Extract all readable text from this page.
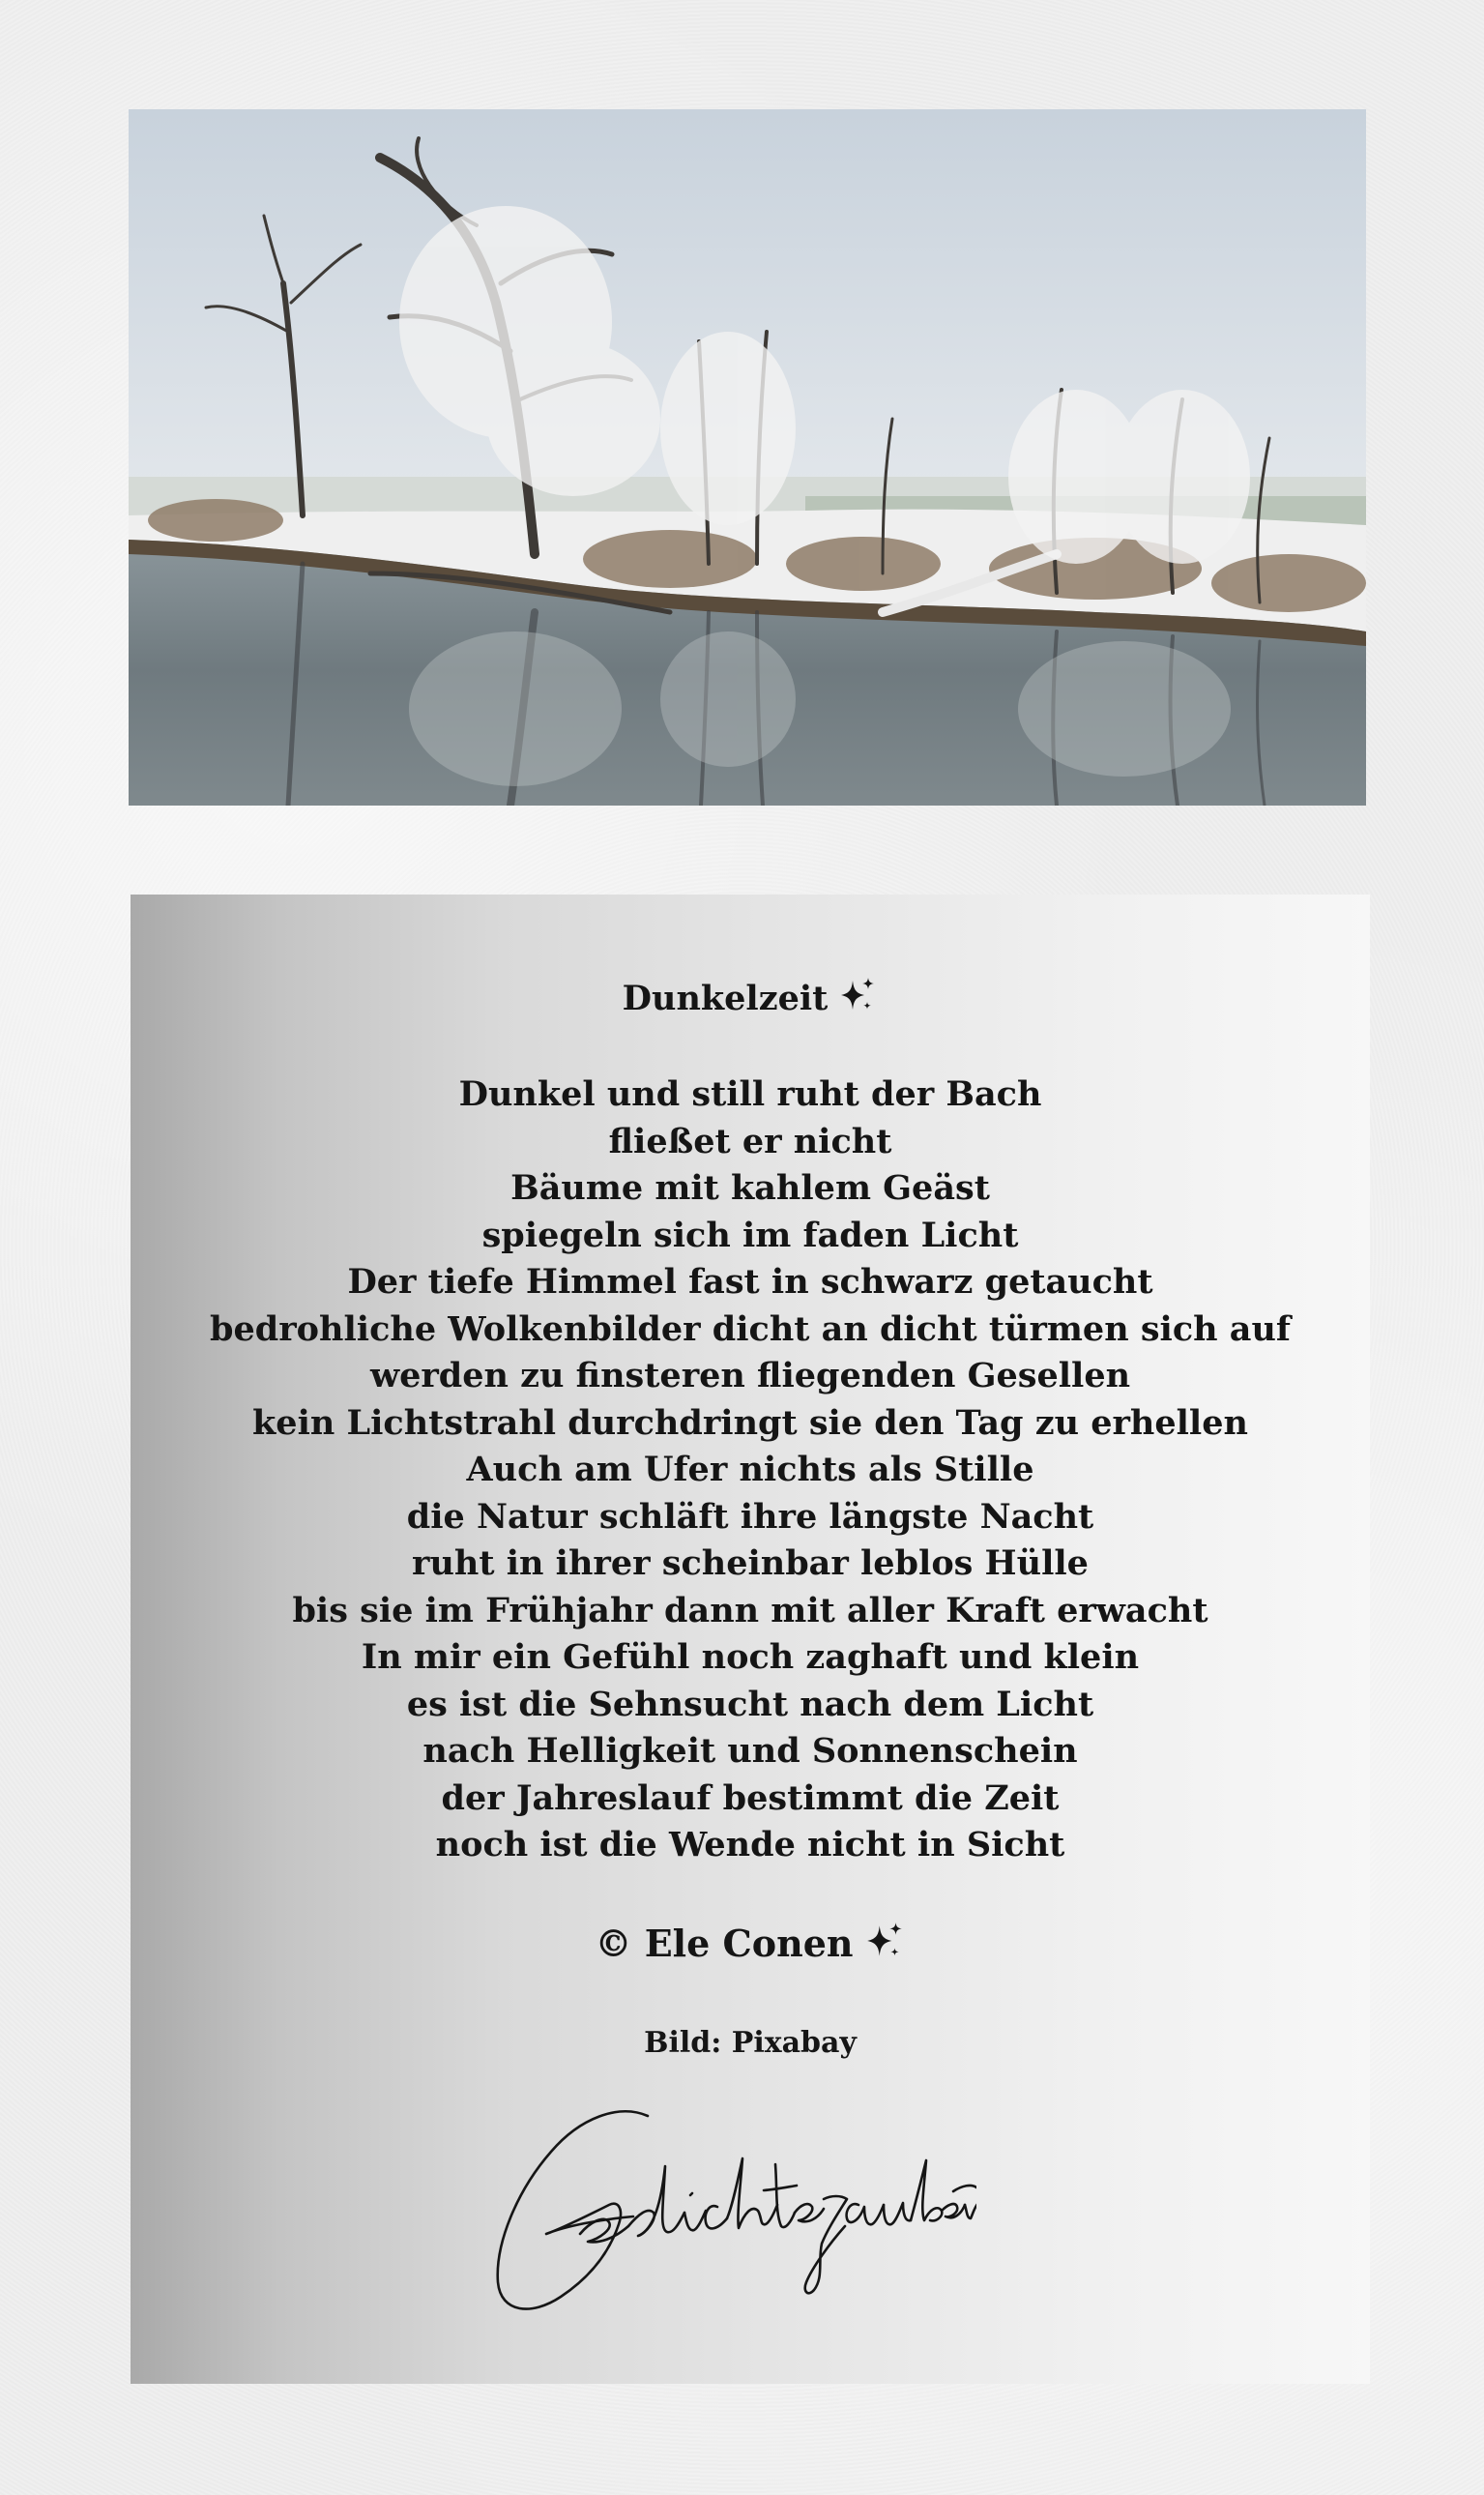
Dunkelzeit
Dunkel und still ruht der Bach
fließet er nicht
Bäume mit kahlem Geäst
spiegeln sich im faden Licht
Der tiefe Himmel fast in schwarz getaucht
bedrohliche Wolkenbilder dicht an dicht türmen sich auf
werden zu finsteren fliegenden Gesellen
kein Lichtstrahl durchdringt sie den Tag zu erhellen
Auch am Ufer nichts als Stille
die Natur schläft ihre längste Nacht
ruht in ihrer scheinbar leblos Hülle
bis sie im Frühjahr dann mit aller Kraft erwacht
In mir ein Gefühl noch zaghaft und klein
es ist die Sehnsucht nach dem Licht
nach Helligkeit und Sonnenschein
der Jahreslauf bestimmt die Zeit
noch ist die Wende nicht in Sicht
© Ele Conen
Bild: Pixabay
